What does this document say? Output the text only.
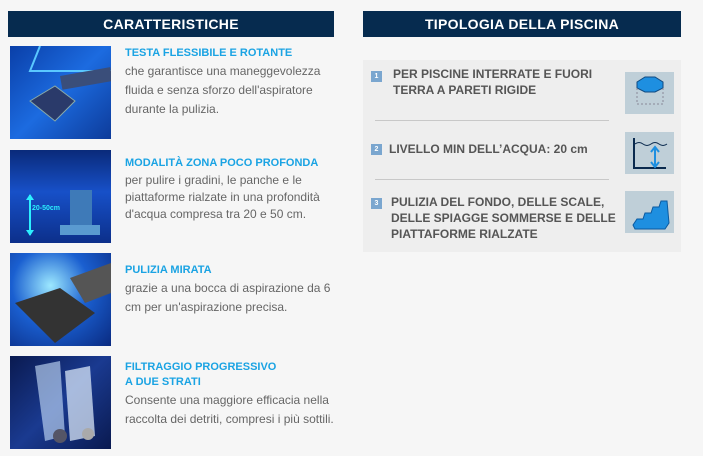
CARATTERISTICHE	TIPOLOGIA DELLA PISCINA
TESTA FLESSIBILE E ROTANTE

che garantisce una maneggevolezza fluida e senza sforzo dell'aspiratore durante la pulizia.

20-50cm
MODALITÀ ZONA POCO PROFONDA

per pulire i gradini, le panche e le piattaforme rialzate in una profondità d'acqua compresa tra 20 e 50 cm.

PULIZIA MIRATA

grazie a una bocca di aspirazione da 6 cm per un'aspirazione precisa.

FILTRAGGIO PROGRESSIVO A DUE STRATI

Consente una maggiore efficacia nella raccolta dei detriti, compresi i più sottili.

1 PER PISCINE INTERRATE E FUORI TERRA A PARETI RIGIDE
2 LIVELLO MIN DELL’ACQUA: 20 cm
3 PULIZIA DEL FONDO, DELLE SCALE, DELLE SPIAGGE SOMMERSE E DELLE PIATTAFORME RIALZATE
